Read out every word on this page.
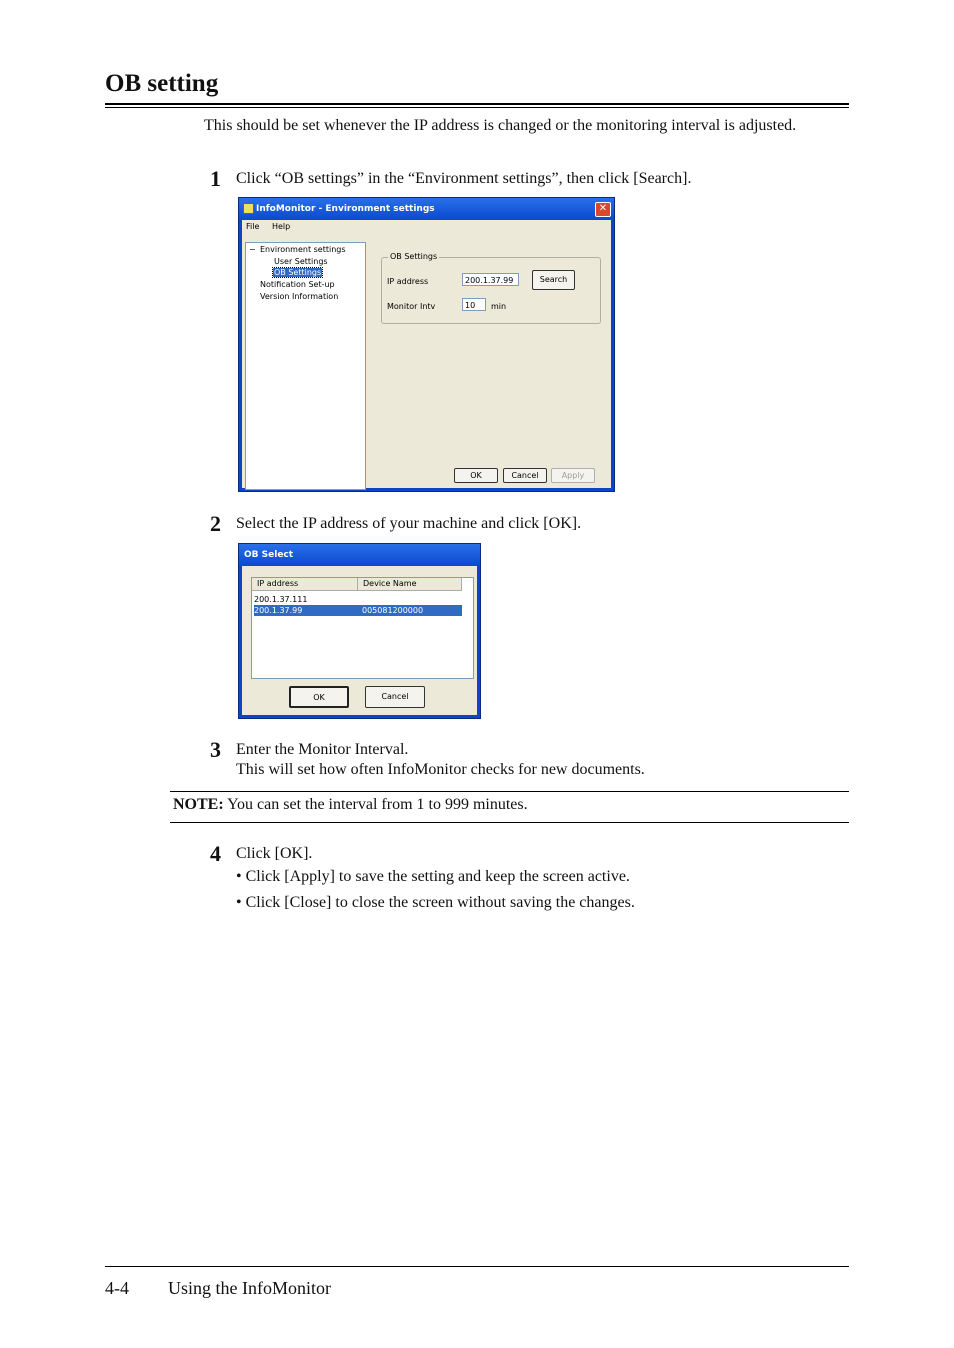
OB setting
This should be set whenever the IP address is changed or the monitoring interval is adjusted.
1 Click “OB settings” in the “Environment settings”, then click [Search].
InfoMonitor - Environment settings	✕
File Help
− Environment settings
User Settings
OB Settings
Notification Set-up
Version Information
OB Settings
IP address	200.1.37.99	Search
Monitor Intv	10	min
OK	Cancel	Apply
2 Select the IP address of your machine and click [OK].
OB Select
IP address	Device Name
200.1.37.111
200.1.37.99	005081200000
OK	Cancel
3 Enter the Monitor Interval.
This will set how often InfoMonitor checks for new documents.
NOTE: You can set the interval from 1 to 999 minutes.
4 Click [OK].
• Click [Apply] to save the setting and keep the screen active.
• Click [Close] to close the screen without saving the changes.
4-4 Using the InfoMonitor
